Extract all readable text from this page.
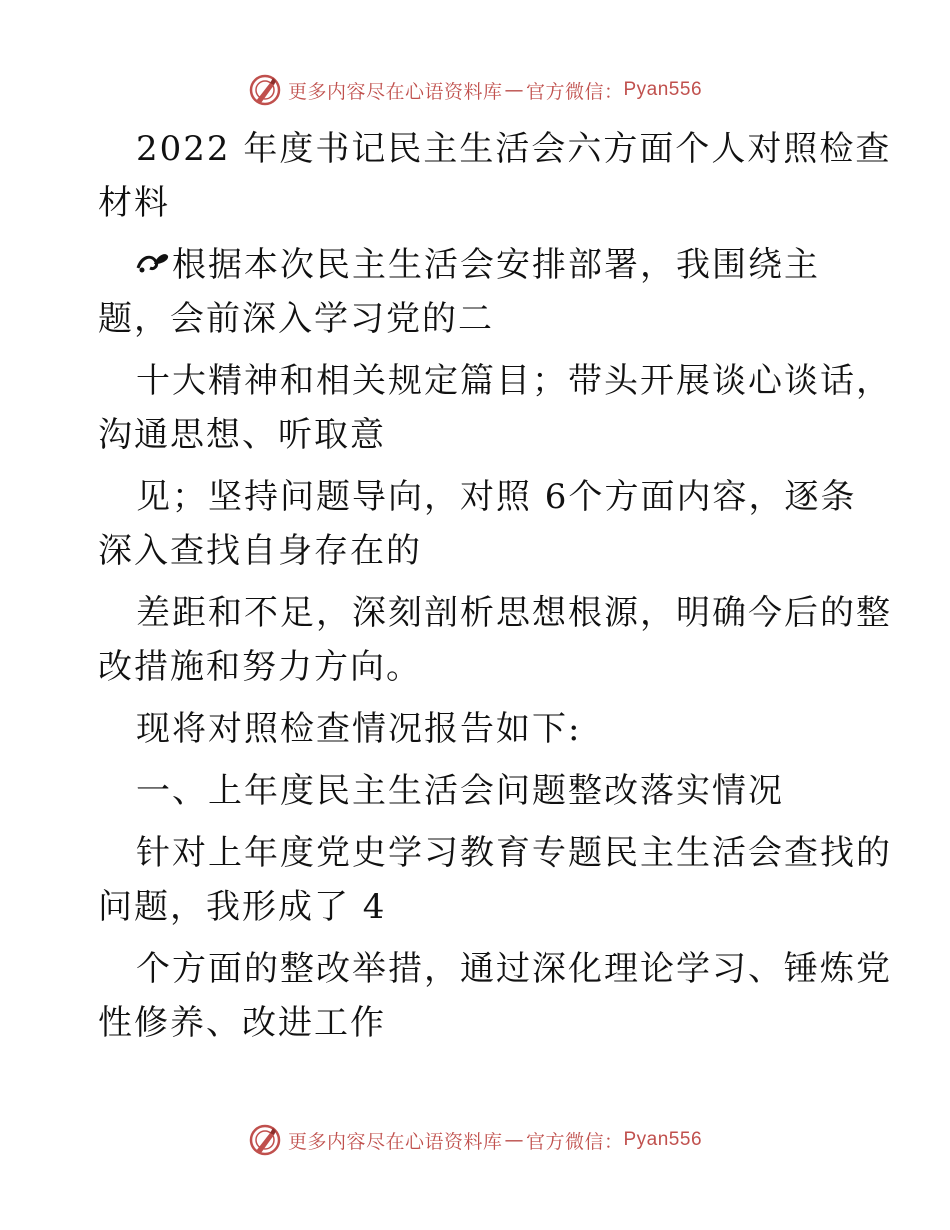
更多内容尽在心语资料库 — 官方微信： Pyan556
2022 年度书记民主生活会六方面个人对照检查
材料
根据本次民主生活会安排部署，我围绕主
题，会前深入学习党的二
十大精神和相关规定篇目；带头开展谈心谈话，
沟通思想、听取意
见；坚持问题导向，对照 6个方面内容，逐条
深入查找自身存在的
差距和不足，深刻剖析思想根源，明确今后的整
改措施和努力方向。
现将对照检查情况报告如下:
一、上年度民主生活会问题整改落实情况
针对上年度党史学习教育专题民主生活会查找的
问题，我形成了 4
个方面的整改举措，通过深化理论学习、锤炼党
性修养、改进工作
更多内容尽在心语资料库 — 官方微信： Pyan556
